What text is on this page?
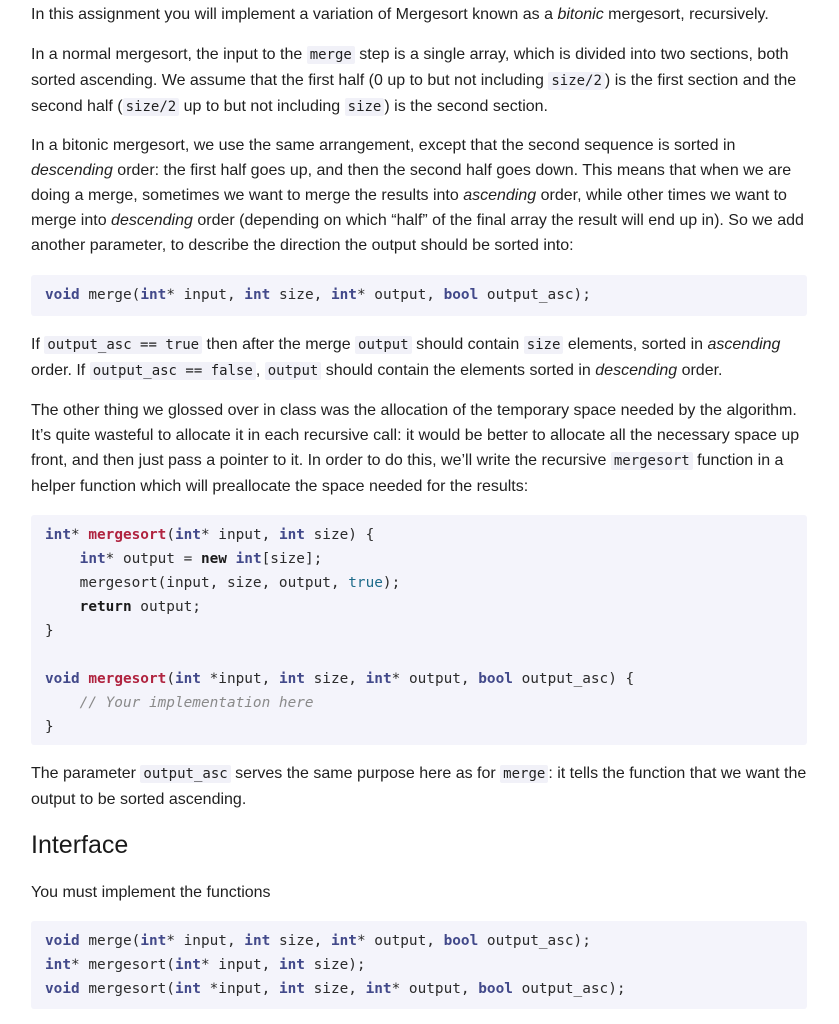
In this assignment you will implement a variation of Mergesort known as a bitonic mergesort, recursively.

In a normal mergesort, the input to the merge step is a single array, which is divided into two sections, both sorted ascending. We assume that the first half (0 up to but not including size/2 ) is the first section and the second half ( size/2 up to but not including size ) is the second section.

In a bitonic mergesort, we use the same arrangement, except that the second sequence is sorted in descending order: the first half goes up, and then the second half goes down. This means that when we are doing a merge, sometimes we want to merge the results into ascending order, while other times we want to merge into descending order (depending on which “half” of the final array the result will end up in). So we add another parameter, to describe the direction the output should be sorted into:

void merge(int* input, int size, int* output, bool output_asc);

If output_asc == true then after the merge output should contain size elements, sorted in ascending order. If output_asc == false , output should contain the elements sorted in descending order.

The other thing we glossed over in class was the allocation of the temporary space needed by the algorithm. It’s quite wasteful to allocate it in each recursive call: it would be better to allocate all the necessary space up front, and then just pass a pointer to it. In order to do this, we’ll write the recursive mergesort function in a helper function which will preallocate the space needed for the results:

int* mergesort(int* input, int size) {
int* output = new int[size];
mergesort(input, size, output, true);
return output;
}

void mergesort(int *input, int size, int* output, bool output_asc) {
// Your implementation here
}

The parameter output_asc serves the same purpose here as for merge : it tells the function that we want the output to be sorted ascending.

Interface

You must implement the functions

void merge(int* input, int size, int* output, bool output_asc);
int* mergesort(int* input, int size);
void mergesort(int *input, int size, int* output, bool output_asc);
